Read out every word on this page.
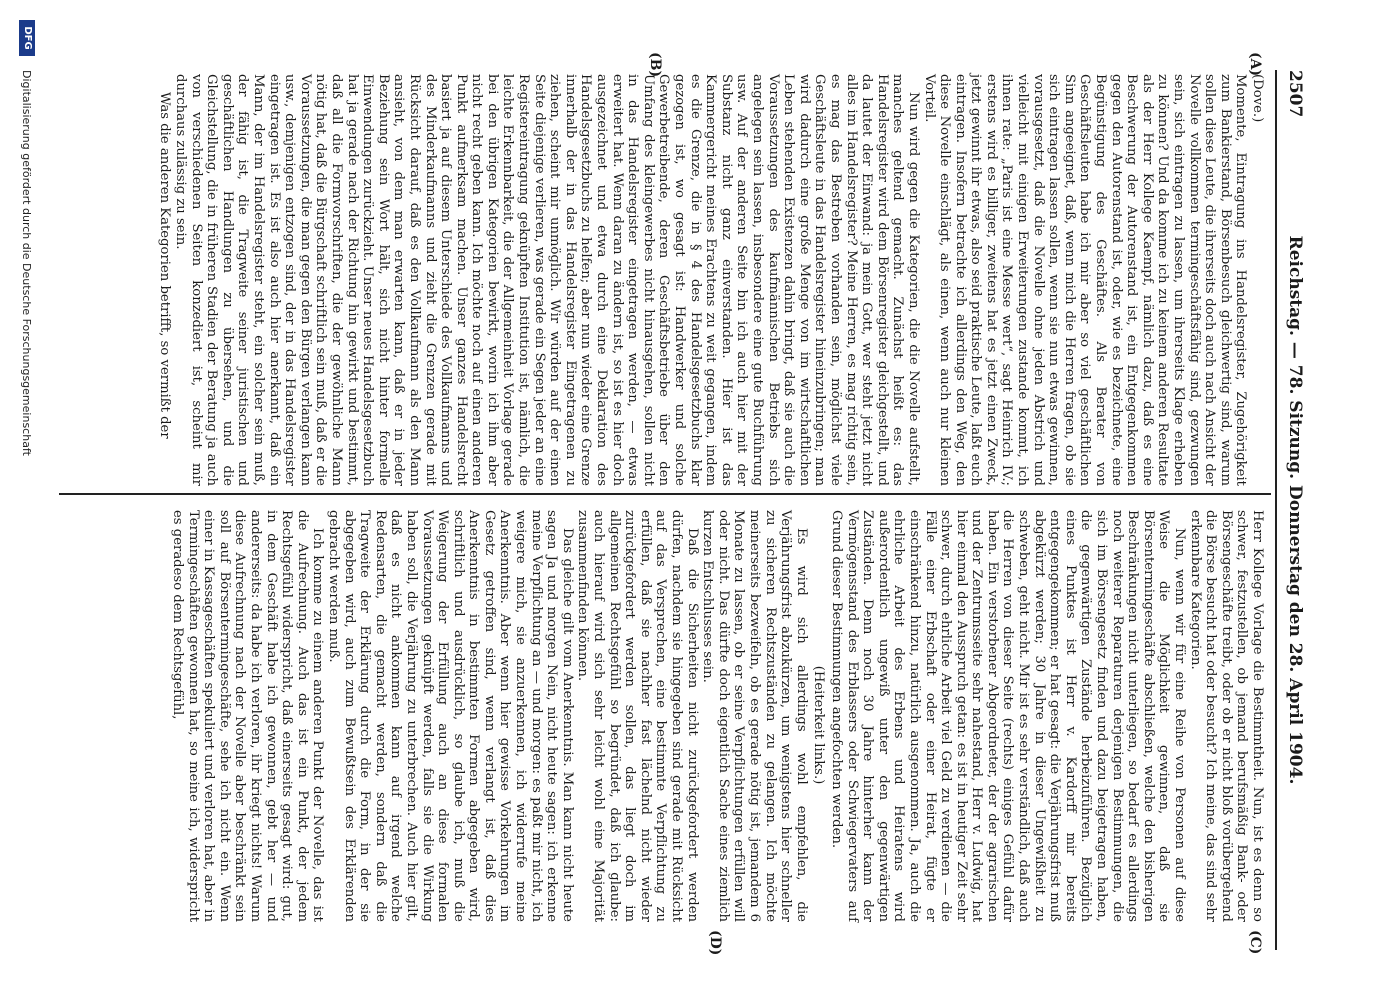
2507
Reichstag. — 78. Sitzung. Donnerstag den 28. April 1904.
(A)
(B)
(C)
(D)

(Dove.)

Momente, Eintragung ins Handelsregister, Zugehörigkeit zum Bankierstand, Börsenbesuch gleichwertig sind, warum sollen diese Leute, die ihrerseits doch auch nach Ansicht der Novelle vollkommen termingeschäftsfähig sind, gezwungen sein, sich eintragen zu lassen, um ihrerseits Klage erheben zu können? Und da komme ich zu keinem anderen Resultate als der Herr Kollege Kaempf, nämlich dazu, daß es eine Beschwerung der Autorenstand ist, ein Entgegenkommen gegen den Autorenstand ist, oder, wie es bezeichnete, eine Begünstigung des Geschäftes. Als Berater von Geschäftsleuten habe ich mir aber so viel geschäftlichen Sinn angeeignet, daß, wenn mich die Herren fragen, ob sie sich eintragen lassen sollen, wenn sie nun etwas gewinnen, vorausgesetzt, daß die Novelle ohne jeden Abstrich und vielleicht mit einigen Erweiterungen zustande kommt, ich ihnen rate: „Paris ist eine Messe wert“, sagt Heinrich IV.; erstens wird es billiger, zweitens hat es jetzt einen Zweck, jetzt gewinnt ihr etwas, also seid praktische Leute, laßt euch eintragen. Insofern betrachte ich allerdings den Weg, den diese Novelle einschlägt, als einen, wenn auch nur kleinen Vorteil.

Nun wird gegen die Kategorien, die die Novelle aufstellt, manches geltend gemacht. Zunächst heißt es: das Handelsregister wird dem Börsenregister gleichgestellt, und da lautet der Einwand: ja mein Gott, wer steht jetzt nicht alles im Handelsregister? Meine Herren, es mag richtig sein, es mag das Bestreben vorhanden sein, möglichst viele Geschäftsleute in das Handelsregister hineinzubringen; man wird dadurch eine große Menge von im wirtschaftlichen Leben stehenden Existenzen dahin bringt, daß sie auch die Voraussetzungen des kaufmännischen Betriebs sich angelegen sein lassen, insbesondere eine gute Buchführung usw. Auf der anderen Seite bin ich auch hier mit der Substanz nicht ganz einverstanden. Hier ist das Kammergericht meines Erachtens zu weit gegangen, indem es die Grenze, die in § 4 des Handelsgesetzbuchs klar gezogen ist, wo gesagt ist: Handwerker und solche Gewerbetreibende, deren Geschäftsbetriebe über den Umfang des kleingewerbes nicht hinausgehen, sollen nicht in das Handelsregister eingetragen werden, — etwas erweitert hat. Wenn daran zu ändern ist, so ist es hier doch ausgezeichnet und etwa durch eine Deklaration des Handelsgesetzbuchs zu helfen; aber nun wieder eine Grenze innerhalb der in das Handelsregister Eingetragenen zu ziehen, scheint mir unmöglich. Wir würden auf der einen Seite diejenige verlieren, was gerade ein Segen jeder an eine Registereintragung geknüpften Institution ist, nämlich, die leichte Erkennbarkeit, die der Allgemeinheit Vorlage gerade bei den übrigen Kategorien bewirkt, worin ich ihm aber nicht recht geben kann. Ich möchte noch auf einen anderen Punkt aufmerksam machen. Unser ganzes Handelsrecht basiert ja auf diesem Unterschiede des Vollkaufmanns und des Minderkaufmanns und zieht die Grenzen gerade mit Rücksicht darauf, daß es den Vollkaufmann als den Mann ansieht, von dem man erwarten kann, daß er in jeder Beziehung sein Wort hält, sich nicht hinter formelle Einwendungen zurückzieht. Unser neues Handelsgesetzbuch hat ja gerade nach der Richtung hin gewirkt und bestimmt, daß all die Formvorschriften, die der gewöhnliche Mann nötig hat, daß die Bürgschaft schriftlich sein muß, daß er die Voraussetzungen, die man gegen den Bürgen verlangen kann usw., demjenigen entzogen sind, der in das Handelsregister eingetragen ist. Es ist also auch hier anerkannt, daß ein Mann, der im Handelsregister steht, ein solcher sein muß, der fähig ist, die Tragweite seiner juristischen und geschäftlichen Handlungen zu übersehen, und die Gleichstellung, die in früheren Stadien der Beratung ja auch von verschiedenen Seiten konzediert ist, scheint mir durchaus zulässig zu sein.

Was die anderen Kategorien betrifft, so vermißt der

Herr Kollege Vorlage die Bestimmtheit. Nun, ist es denn so schwer, festzustellen, ob jemand berufsmäßig Bank- oder Börsengeschäfte treibt, oder ob er nicht bloß vorübergehend die Börse besucht hat oder besucht? Ich meine, das sind sehr erkennbare Kategorien.

Nun, wenn wir für eine Reihe von Personen auf diese Weise die Möglichkeit gewinnen, daß sie Börsentermingeschäfte abschließen, welche den bisherigen Beschränkungen nicht unterliegen, so bedarf es allerdings noch weiterer Reparaturen derjenigen Bestimmungen, die sich im Börsengesetz finden und dazu beigetragen haben, die gegenwärtigen Zustände herbeizuführen. Bezüglich eines Punktes ist Herr v. Kardorff mir bereits entgegengekommen; er hat gesagt: die Verjährungsfrist muß abgekürzt werden; 30 Jahre in dieser Ungewißheit zu schweben, geht nicht. Mir ist es sehr verständlich, daß auch die Herren von dieser Seite (rechts) einiges Gefühl dafür haben. Ein verstorbener Abgeordneter, der der agrarischen und der Zentrumsseite sehr nahestand, Herr v. Ludwig, hat hier einmal den Ausspruch getan: es ist in heutiger Zeit sehr schwer, durch ehrliche Arbeit viel Geld zu verdienen — die Fälle einer Erbschaft oder einer Heirat, fügte er einschränkend hinzu, natürlich ausgenommen. Ja, auch die ehrliche Arbeit des Erbens und Heiratens wird außerordentlich ungewiß unter den gegenwärtigen Zuständen. Denn noch 30 Jahre hinterher kann der Vermögensstand des Erblassers oder Schwiegervaters auf Grund dieser Bestimmungen angefochten werden.

(Heiterkeit links.)

Es wird sich allerdings wohl empfehlen, die Verjährungsfrist abzukürzen, um wenigstens hier schneller zu sicheren Rechtszuständen zu gelangen. Ich möchte meinerseits bezweifeln, ob es gerade nötig ist, jemandem 6 Monate zu lassen, ob er seine Verpflichtungen erfüllen will oder nicht. Das dürfte doch eigentlich Sache eines ziemlich kurzen Entschlusses sein.

Daß die Sicherheiten nicht zurückgefordert werden dürfen, nachdem sie hingegeben sind gerade mit Rücksicht auf das Versprechen, eine bestimmte Verpflichtung zu erfüllen, daß sie nachher fast lächelnd nicht wieder zurückgefordert werden sollen, das liegt doch im allgemeinen Rechtsgefühl so begründet, daß ich glaube: auch hierauf wird sich sehr leicht wohl eine Majorität zusammenfinden können.

Das gleiche gilt vom Anerkenntnis. Man kann nicht heute sagen Ja und morgen Nein, nicht heute sagen: ich erkenne meine Verpflichtung an — und morgen: es paßt mir nicht, ich weigere mich, sie anzuerkennen, ich widerrufe meine Anerkenntnis. Aber wenn hier gewisse Vorkehrungen im Gesetz getroffen sind, wenn verlangt ist, daß dies Anerkenntnis in bestimmten Formen abgegeben wird, schriftlich und ausdrücklich, so glaube ich, muß die Weigerung der Erfüllung auch an diese formalen Voraussetzungen geknüpft werden, falls sie die Wirkung haben soll, die Verjährung zu unterbrechen. Auch hier gilt, daß es nicht ankommen kann auf irgend welche Redensarten, die gemacht werden, sondern daß die Tragweite der Erklärung durch die Form, in der sie abgegeben wird, auch zum Bewußtsein des Erklärenden gebracht werden muß.

Ich komme zu einem anderen Punkt der Novelle, das ist die Aufrechnung. Auch das ist ein Punkt, der jedem Rechtsgefühl widerspricht, daß einerseits gesagt wird: gut, in dem Geschäft habe ich gewonnen, gebt her — und andererseits: da habe ich verloren, ihr kriegt nichts! Warum diese Aufrechnung nach der Novelle aber beschränkt sein soll auf Börsentermingeschäfte, sehe ich nicht ein. Wenn einer in Kassageschäften spekuliert und verloren hat, aber in Termingeschäften gewonnen hat, so meine ich, widerspricht es geradeso dem Rechtsgefühl,

DFG
Digitalisierung gefördert durch die Deutsche Forschungsgemeinschaft
